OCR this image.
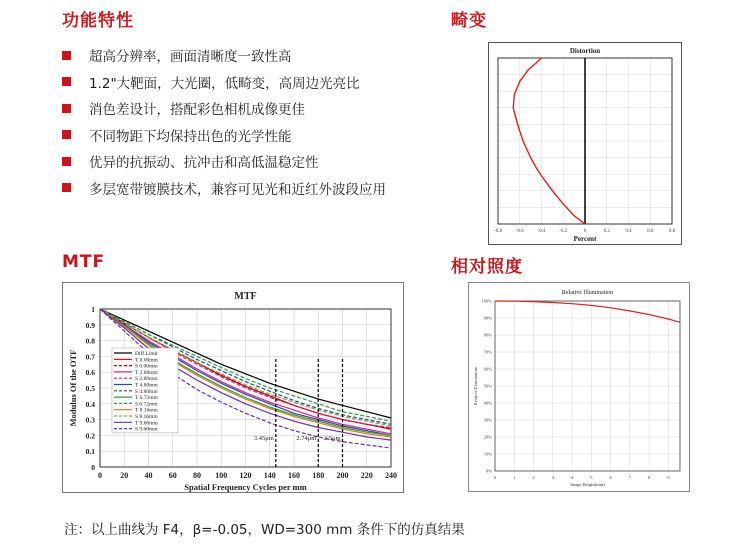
功能特性	畸变
MTF	相对照度
超高分辨率，画面清晰度一致性高
1.2"大靶面，大光圈，低畸变，高周边光亮比
消色差设计，搭配彩色相机成像更佳
不同物距下均保持出色的光学性能
优异的抗振动、抗冲击和高低温稳定性
多层宽带镀膜技术，兼容可见光和近红外波段应用
Distortion
-0.8	-0.6	-0.4	-0.2	0	0.2	0.4	0.6	0.8
Percent
MTF
0 20 40 60 80 100 120 140 160 180 200 220 240
0
0.1
0.2
0.3
0.4
0.5
0.6
0.7
0.8
0.9
1
Spatial Frequency Cycles per mm
Modulus Of the OTF
3.45μm	2.74μm 2.5μm
Diff.Limit
T 0.00mm
S 0.00mm
T 2.88mm
S 2.88mm
T 4.80mm
S 4.80mm
T 6.72mm
S 6.72mm
T 8.16mm
S 8.16mm
T 9.60mm
S 9.60mm
Relative Illumination
0	1	2	3	4	5	6	7	8	9
0%
10%
20%
30%
40%
50%
60%
70%
80%
90%
100%
Image Height(mm)
Relative Illumination
注：以上曲线为 F4，β=-0.05，WD=300 mm 条件下的仿真结果
